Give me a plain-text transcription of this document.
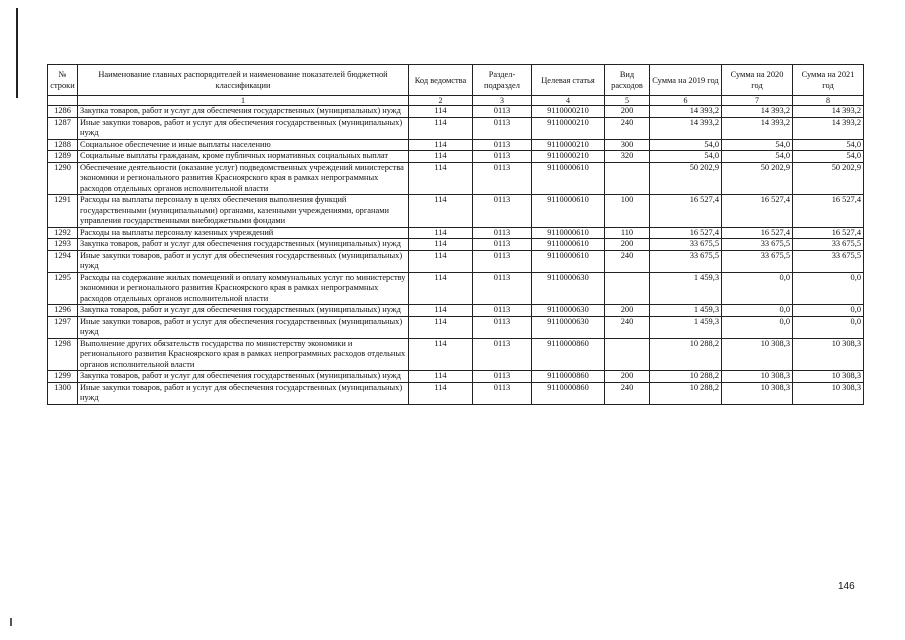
№ строки	Наименование главных распорядителей и наименование показателей бюджетной классификации	Код ведомства	Раздел-подраздел	Целевая статья	Вид расходов	Сумма на 2019 год	Сумма на 2020 год	Сумма на 2021 год
	1	2	3	4	5	6	7	8
1286	Закупка товаров, работ и услуг для обеспечения государственных (муниципальных) нужд	114	0113	9110000210	200	14 393,2	14 393,2	14 393,2
1287	Иные закупки товаров, работ и услуг для обеспечения государственных (муниципальных) нужд	114	0113	9110000210	240	14 393,2	14 393,2	14 393,2
1288	Социальное обеспечение и иные выплаты населению	114	0113	9110000210	300	54,0	54,0	54,0
1289	Социальные выплаты гражданам, кроме публичных нормативных социальных выплат	114	0113	9110000210	320	54,0	54,0	54,0
1290	Обеспечение деятельности (оказание услуг) подведомственных учреждений министерства экономики и регионального развития Красноярского края в рамках непрограммных расходов отдельных органов исполнительной власти	114	0113	9110000610		50 202,9	50 202,9	50 202,9
1291	Расходы на выплаты персоналу в целях обеспечения выполнения функций государственными (муниципальными) органами, казенными учреждениями, органами управления государственными внебюджетными фондами	114	0113	9110000610	100	16 527,4	16 527,4	16 527,4
1292	Расходы на выплаты персоналу казенных учреждений	114	0113	9110000610	110	16 527,4	16 527,4	16 527,4
1293	Закупка товаров, работ и услуг для обеспечения государственных (муниципальных) нужд	114	0113	9110000610	200	33 675,5	33 675,5	33 675,5
1294	Иные закупки товаров, работ и услуг для обеспечения государственных (муниципальных) нужд	114	0113	9110000610	240	33 675,5	33 675,5	33 675,5
1295	Расходы на содержание жилых помещений и оплату коммунальных услуг по министерству экономики и регионального развития Красноярского края в рамках непрограммных расходов отдельных органов исполнительной власти	114	0113	9110000630		1 459,3	0,0	0,0
1296	Закупка товаров, работ и услуг для обеспечения государственных (муниципальных) нужд	114	0113	9110000630	200	1 459,3	0,0	0,0
1297	Иные закупки товаров, работ и услуг для обеспечения государственных (муниципальных) нужд	114	0113	9110000630	240	1 459,3	0,0	0,0
1298	Выполнение других обязательств государства по министерству экономики и регионального развития Красноярского края в рамках непрограммных расходов отдельных органов исполнительной власти	114	0113	9110000860		10 288,2	10 308,3	10 308,3
1299	Закупка товаров, работ и услуг для обеспечения государственных (муниципальных) нужд	114	0113	9110000860	200	10 288,2	10 308,3	10 308,3
1300	Иные закупки товаров, работ и услуг для обеспечения государственных (муниципальных) нужд	114	0113	9110000860	240	10 288,2	10 308,3	10 308,3
146
